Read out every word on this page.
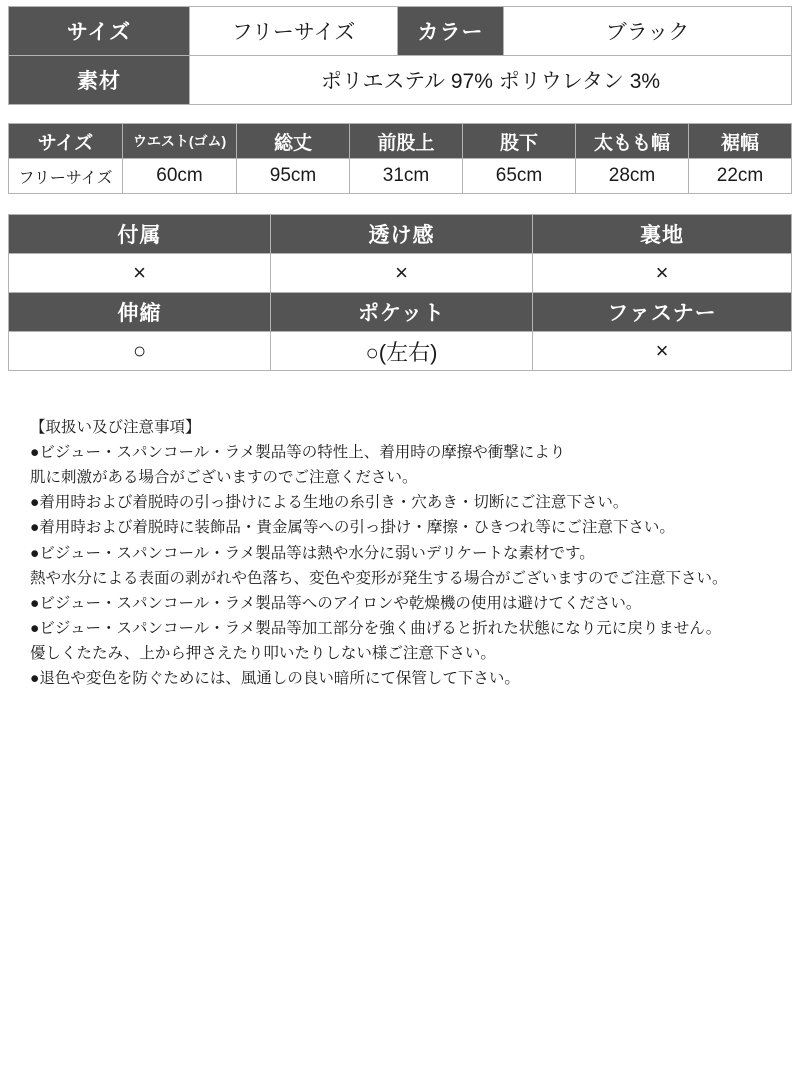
サイズ	フリーサイズ	カラー	ブラック
素材	ポリエステル 97% ポリウレタン 3%		
サイズ	ウエスト(ゴム)	総丈	前股上	股下	太もも幅	裾幅
フリーサイズ	60cm	95cm	31cm	65cm	28cm	22cm
付属	透け感	裏地
×	×	×
伸縮	ポケット	ファスナー
○	○(左右)	×
【取扱い及び注意事項】
●ビジュー・スパンコール・ラメ製品等の特性上、着用時の摩擦や衝撃により
肌に刺激がある場合がございますのでご注意ください。
●着用時および着脱時の引っ掛けによる生地の糸引き・穴あき・切断にご注意下さい。
●着用時および着脱時に装飾品・貴金属等への引っ掛け・摩擦・ひきつれ等にご注意下さい。
●ビジュー・スパンコール・ラメ製品等は熱や水分に弱いデリケートな素材です。
熱や水分による表面の剥がれや色落ち、変色や変形が発生する場合がございますのでご注意下さい。
●ビジュー・スパンコール・ラメ製品等へのアイロンや乾燥機の使用は避けてください。
●ビジュー・スパンコール・ラメ製品等加工部分を強く曲げると折れた状態になり元に戻りません。
優しくたたみ、上から押さえたり叩いたりしない様ご注意下さい。
●退色や変色を防ぐためには、風通しの良い暗所にて保管して下さい。
